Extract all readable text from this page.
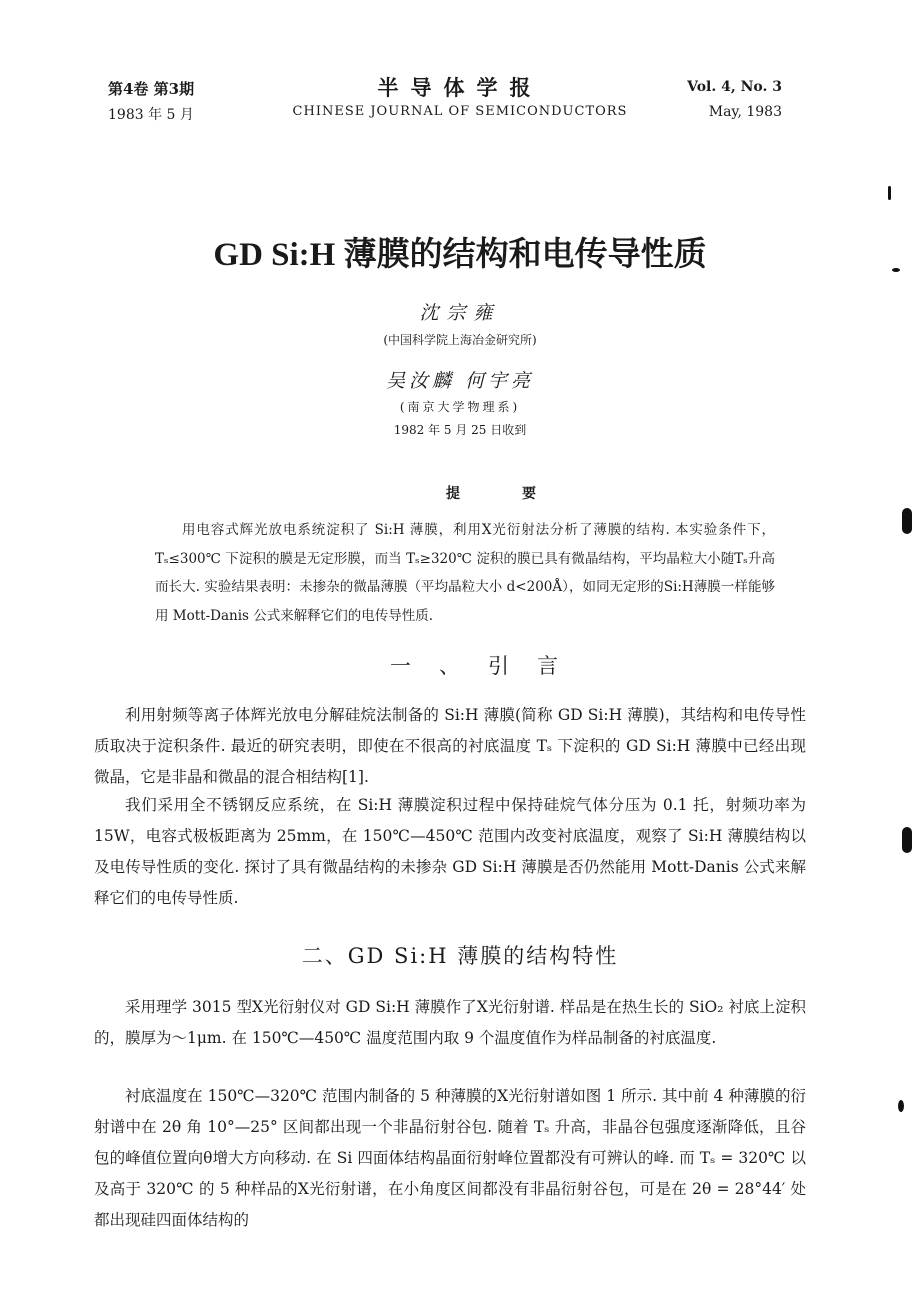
第4卷 第3期
1983 年 5 月
半导体学报
CHINESE JOURNAL OF SEMICONDUCTORS
Vol. 4, No. 3
May, 1983
GD Si:H 薄膜的结构和电传导性质
沈宗雍
(中国科学院上海冶金研究所)
吴汝麟 何宇亮
(南京大学物理系)
1982 年 5 月 25 日收到
提要

用电容式辉光放电系统淀积了 Si:H 薄膜，利用X光衍射法分析了薄膜的结构. 本实验条件下，Tₛ≤300℃ 下淀积的膜是无定形膜，而当 Tₛ≥320℃ 淀积的膜已具有微晶结构，平均晶粒大小随Tₛ升高而长大. 实验结果表明：未掺杂的微晶薄膜（平均晶粒大小 d<200Å），如同无定形的Si:H薄膜一样能够用 Mott-Danis 公式来解释它们的电传导性质.

一、引言

利用射频等离子体辉光放电分解硅烷法制备的 Si:H 薄膜(简称 GD Si:H 薄膜)，其结构和电传导性质取决于淀积条件. 最近的研究表明，即使在不很高的衬底温度 Tₛ 下淀积的 GD Si:H 薄膜中已经出现微晶，它是非晶和微晶的混合相结构[1].

我们采用全不锈钢反应系统，在 Si:H 薄膜淀积过程中保持硅烷气体分压为 0.1 托，射频功率为 15W，电容式极板距离为 25mm，在 150℃—450℃ 范围内改变衬底温度，观察了 Si:H 薄膜结构以及电传导性质的变化. 探讨了具有微晶结构的未掺杂 GD Si:H 薄膜是否仍然能用 Mott-Danis 公式来解释它们的电传导性质.

二、GD Si:H 薄膜的结构特性

采用理学 3015 型X光衍射仪对 GD Si:H 薄膜作了X光衍射谱. 样品是在热生长的 SiO₂ 衬底上淀积的，膜厚为～1μm. 在 150℃—450℃ 温度范围内取 9 个温度值作为样品制备的衬底温度.

衬底温度在 150℃—320℃ 范围内制备的 5 种薄膜的X光衍射谱如图 1 所示. 其中前 4 种薄膜的衍射谱中在 2θ 角 10°—25° 区间都出现一个非晶衍射谷包. 随着 Tₛ 升高，非晶谷包强度逐渐降低，且谷包的峰值位置向θ增大方向移动. 在 Si 四面体结构晶面衍射峰位置都没有可辨认的峰. 而 Tₛ = 320℃ 以及高于 320℃ 的 5 种样品的X光衍射谱，在小角度区间都没有非晶衍射谷包，可是在 2θ = 28°44′ 处都出现硅四面体结构的
